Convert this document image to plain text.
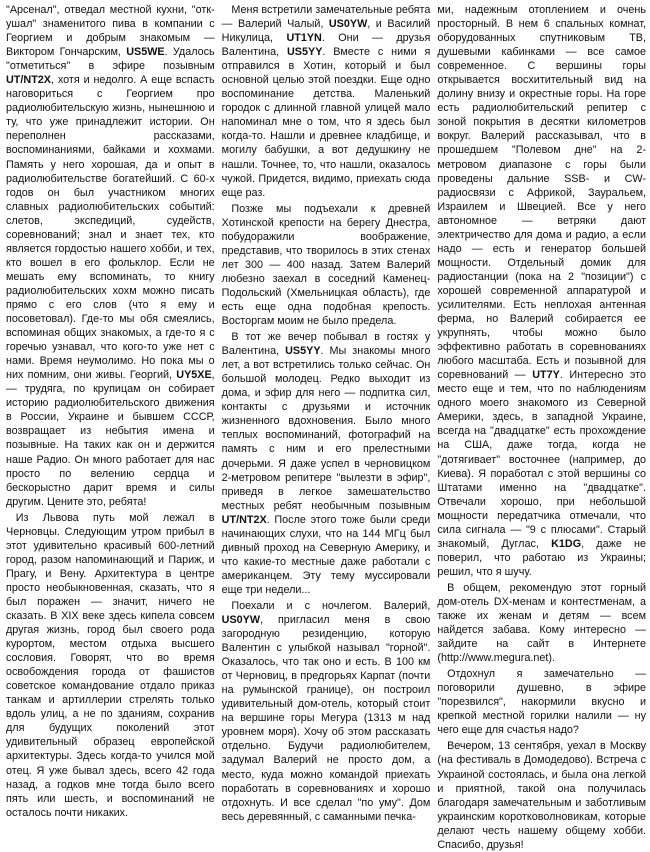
"Арсенал", отведал местной кухни, "откушал" знаменитого пива в компании с Георгием и добрым знакомым — Виктором Гончарским, US5WE. Удалось "отметиться" в эфире позывным UT/NT2X, хотя и недолго. А еще вспасть наговориться с Георгием про радиолюбительскую жизнь, нынешнюю и ту, что уже принадлежит истории. Он переполнен рассказами, воспоминаниями, байками и хохмами. Память у него хорошая, да и опыт в радиолюбительстве богатейший. С 60-х годов он был участником многих славных радиолюбительских событий: слетов, экспедиций, судейств, соревнований; знал и знает тех, кто является гордостью нашего хобби, и тех, кто вошел в его фольклор. Если не мешать ему вспоминать, то книгу радиолюбительских хохм можно писать прямо с его слов (что я ему и посоветовал). Где-то мы обя смеялись, вспоминая общих знакомых, а где-то я с горечью узнавал, что кого-то уже нет с нами. Время неумолимо. Но пока мы о них помним, они живы. Георгий, UY5XE, — трудяга, по крупицам он собирает историю радиолюбительского движения в России, Украине и бывшем СССР, возвращает из небытия имена и позывные. На таких как он и держится наше Радио. Он много работает для нас просто по велению сердца и бескорыстно дарит время и силы другим. Цените это, ребята!

Из Львова путь мой лежал в Черновцы. Следующим утром прибыл в этот удивительно красивый 600-летний город, разом напоминающий и Париж, и Прагу, и Вену. Архитектура в центре просто необыкновенная, сказать, что я был поражен — значит, ничего не сказать. В XIX веке здесь кипела совсем другая жизнь, город был своего рода курортом, местом отдыха высшего сословия. Говорят, что во время освобождения города от фашистов советское командование отдало приказ танкам и артиллерии стрелять только вдоль улиц, а не по зданиям, сохранив для будущих поколений этот удивительный образец европейской архитектуры. Здесь когда-то учился мой отец. Я уже бывал здесь, всего 42 года назад, а годков мне тогда было всего пять или шесть, и воспоминаний не осталось почти никаких.

Меня встретили замечательные ребята — Валерий Чалый, US0YW, и Василий Никулица, UT1YN. Они — друзья Валентина, US5YY. Вместе с ними я отправился в Хотин, который и был основной целью этой поездки. Еще одно воспоминание детства. Маленький городок с длинной главной улицей мало напоминал мне о том, что я здесь был когда-то. Нашли и древнее кладбище, и могилу бабушки, а вот дедушкину не нашли. Точнее, то, что нашли, оказалось чужой. Придется, видимо, приехать сюда еще раз.

Позже мы подъехали к древней Хотинской крепости на берегу Днестра, побудоражили воображение, представив, что творилось в этих стенах лет 300 — 400 назад. Затем Валерий любезно заехал в соседний Каменец-Подольский (Хмельницкая область), где есть еще одна подобная крепость. Восторгам моим не было предела.

В тот же вечер побывал в гостях у Валентина, US5YY. Мы знакомы много лет, а вот встретились только сейчас. Он большой молодец. Редко выходит из дома, и эфир для него — подпитка сил, контакты с друзьями и источник жизненного вдохновения. Было много теплых воспоминаний, фотографий на память с ним и его прелестными дочерьми. Я даже успел в черновицком 2-метровом репитере "вылезти в эфир", приведя в легкое замешательство местных ребят необычным позывным UT/NT2X. После этого тоже были среди начинающих слухи, что на 144 МГц был дивный проход на Северную Америку, и что какие-то местные даже работали с американцем. Эту тему муссировали еще три недели...

Поехали и с ночлегом. Валерий, US0YW, пригласил меня в свою загородную резиденцию, которую Валентин с улыбкой называл "горной". Оказалось, что так оно и есть. В 100 км от Черновиц, в предгорьях Карпат (почти на румынской границе), он построил удивительный дом-отель, который стоит на вершине горы Мегура (1313 м над уровнем моря). Хочу об этом рассказать отдельно. Будучи радиолюбителем, задумал Валерий не просто дом, а место, куда можно командой приехать поработать в соревнованиях и хорошо отдохнуть. И все сделал "по уму". Дом весь деревянный, с саманными печка-

ми, надежным отоплением и очень просторный. В нем 6 спальных комнат, оборудованных спутниковым ТВ, душевыми кабинками — все самое современное. С вершины горы открывается восхитительный вид на долину внизу и окрестные горы. На горе есть радиолюбительский репитер с зоной покрытия в десятки километров вокруг. Валерий рассказывал, что в прошедшем "Полевом дне" на 2-метровом диапазоне с горы были проведены дальние SSB- и CW-радиосвязи с Африкой, Зауральем, Израилем и Швецией. Все у него автономное — ветряки дают электричество для дома и радио, а если надо — есть и генератор большей мощности. Отдельный домик для радиостанции (пока на 2 "позиции") с хорошей современной аппаратурой и усилителями. Есть неплохая антенная ферма, но Валерий собирается ее укрупнять, чтобы можно было эффективно работать в соревнованиях любого масштаба. Есть и позывной для соревнований — UT7Y. Интересно это место еще и тем, что по наблюдениям одного моего знакомого из Северной Америки, здесь, в западной Украине, всегда на "двадцатке" есть прохождение на США, даже тогда, когда не "дотягивает" восточнее (например, до Киева). Я поработал с этой вершины со Штатами именно на "двадцатке". Отвечали хорошо, при небольшой мощности передатчика отмечали, что сила сигнала — "9 с плюсами". Старый знакомый, Дуглас, K1DG, даже не поверил, что работаю из Украины; решил, что я шучу.

В общем, рекомендую этот горный дом-отель DX-менам и контестменам, а также их женам и детям — всем найдется забава. Кому интересно — зайдите на сайт в Интернете (http://www.megura.net).

Отдохнул я замечательно — поговорили душевно, в эфире "порезвился", накормили вкусно и крепкой местной горилки налили — ну чего еще для счастья надо?

Вечером, 13 сентября, уехал в Москву (на фестиваль в Домодедово). Встреча с Украиной состоялась, и была она легкой и приятной, такой она получилась благодаря замечательным и заботливым украинским коротковолновикам, которые делают честь нашему общему хобби. Спасибо, друзья!
